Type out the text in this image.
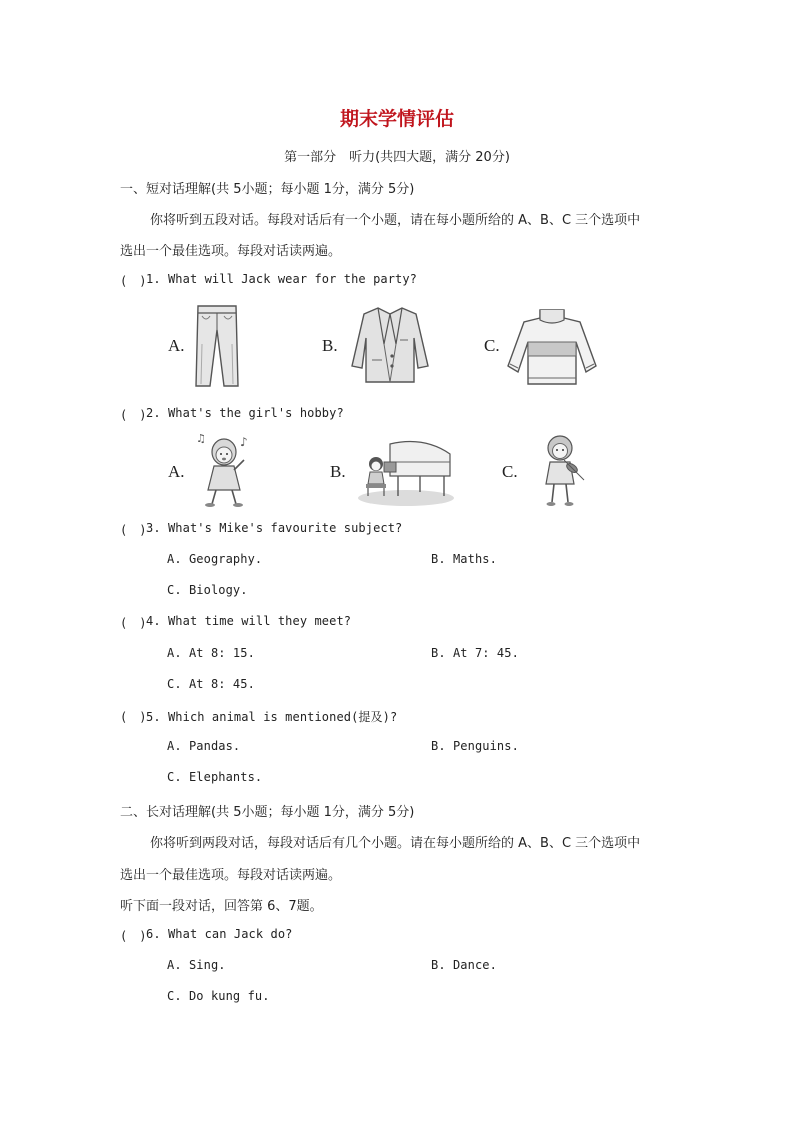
期末学情评估
第一部分　听力(共四大题，满分 20分)
一、短对话理解(共 5小题；每小题 1分，满分 5分)
你将听到五段对话。每段对话后有一个小题，请在每小题所给的 A、B、C 三个选项中
选出一个最佳选项。每段对话读两遍。
(　) 1. What will Jack wear for the party?
A.	B.	C.
(　) 2. What's the girl's hobby?
A.
♫	♪
B.	C.
(　) 3. What's Mike's favourite subject?
A. Geography.	B. Maths.
C. Biology.
(　) 4. What time will they meet?
A. At 8: 15.	B. At 7: 45.
C. At 8: 45.
(　) 5. Which animal is mentioned(提及)?
A. Pandas.	B. Penguins.
C. Elephants.
二、长对话理解(共 5小题；每小题 1分，满分 5分)
你将听到两段对话，每段对话后有几个小题。请在每小题所给的 A、B、C 三个选项中
选出一个最佳选项。每段对话读两遍。
听下面一段对话，回答第 6、7题。
(　) 6. What can Jack do?
A. Sing.	B. Dance.
C. Do kung fu.
